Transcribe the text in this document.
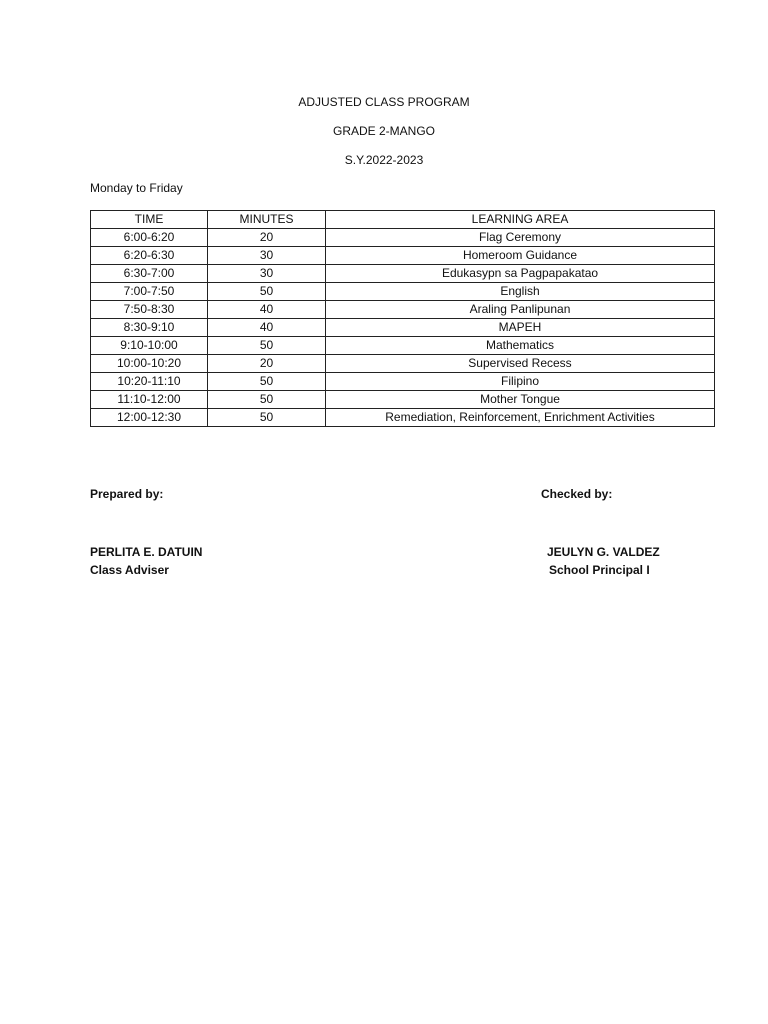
ADJUSTED CLASS PROGRAM
GRADE 2-MANGO
S.Y.2022-2023
Monday to Friday
TIME	MINUTES	LEARNING AREA
6:00-6:20	20	Flag Ceremony
6:20-6:30	30	Homeroom Guidance
6:30-7:00	30	Edukasypn sa Pagpapakatao
7:00-7:50	50	English
7:50-8:30	40	Araling Panlipunan
8:30-9:10	40	MAPEH
9:10-10:00	50	Mathematics
10:00-10:20	20	Supervised Recess
10:20-11:10	50	Filipino
11:10-12:00	50	Mother Tongue
12:00-12:30	50	Remediation, Reinforcement, Enrichment Activities
Prepared by:	Checked by:
PERLITA E. DATUIN
Class Adviser
JEULYN G. VALDEZ
School Principal I
